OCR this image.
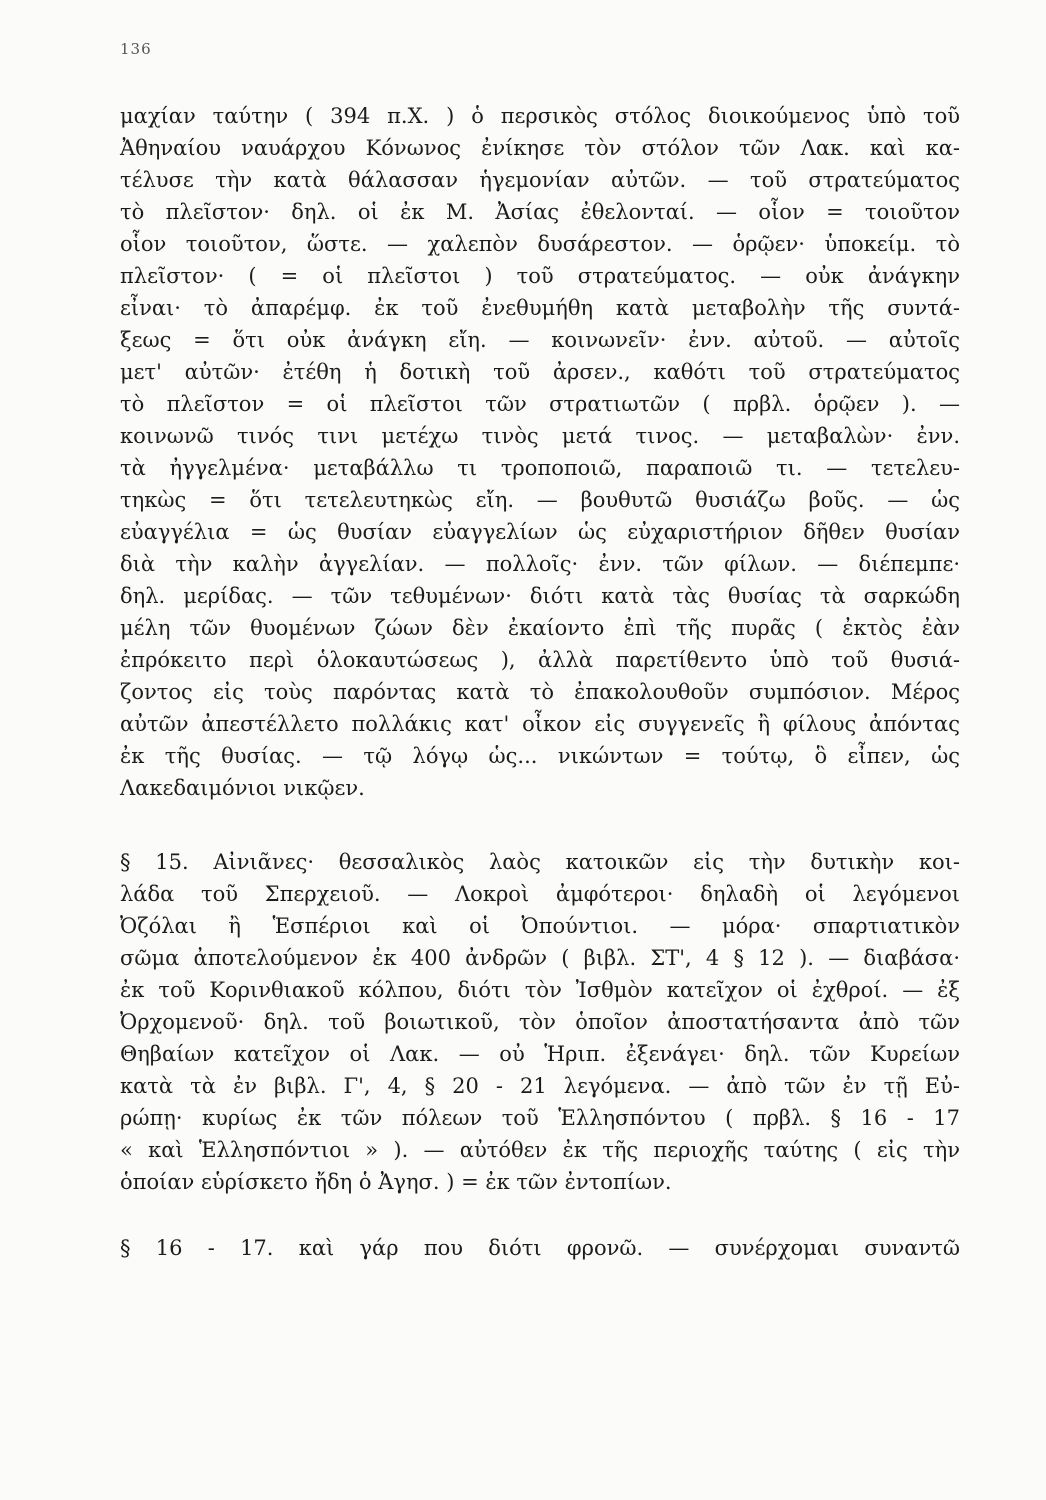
136
μαχίαν ταύτην ( 394 π.Χ. ) ὁ περσικὸς στόλος διοικούμενος ὑπὸ τοῦ
Ἀθηναίου ναυάρχου Κόνωνος ἐνίκησε τὸν στόλον τῶν Λακ. καὶ κα-
τέλυσε τὴν κατὰ θάλασσαν ἡγεμονίαν αὐτῶν. — τοῦ στρατεύματος
τὸ πλεῖστον· δηλ. οἱ ἐκ Μ. Ἀσίας ἐθελονταί. — οἷον = τοιοῦτον
οἷον τοιοῦτον, ὥστε. — χαλεπὸν δυσάρεστον. — ὁρῷεν· ὑποκείμ. τὸ
πλεῖστον· ( = οἱ πλεῖστοι ) τοῦ στρατεύματος. — οὐκ ἀνάγκην
εἶναι· τὸ ἀπαρέμφ. ἐκ τοῦ ἐνεθυμήθη κατὰ μεταβολὴν τῆς συντά-
ξεως = ὅτι οὐκ ἀνάγκη εἴη. — κοινωνεῖν· ἐνν. αὐτοῦ. — αὐτοῖς
μετ' αὐτῶν· ἐτέθη ἡ δοτικὴ τοῦ ἀρσεν., καθότι τοῦ στρατεύματος
τὸ πλεῖστον = οἱ πλεῖστοι τῶν στρατιωτῶν ( πρβλ. ὁρῷεν ). —
κοινωνῶ τινός τινι μετέχω τινὸς μετά τινος. — μεταβαλὼν· ἐνν.
τὰ ἠγγελμένα· μεταβάλλω τι τροποποιῶ, παραποιῶ τι. — τετελευ-
τηκὼς = ὅτι τετελευτηκὼς εἴη. — βουθυτῶ θυσιάζω βοῦς. — ὡς
εὐαγγέλια = ὡς θυσίαν εὐαγγελίων ὡς εὐχαριστήριον δῆθεν θυσίαν
διὰ τὴν καλὴν ἀγγελίαν. — πολλοῖς· ἐνν. τῶν φίλων. — διέπεμπε·
δηλ. μερίδας. — τῶν τεθυμένων· διότι κατὰ τὰς θυσίας τὰ σαρκώδη
μέλη τῶν θυομένων ζώων δὲν ἐκαίοντο ἐπὶ τῆς πυρᾶς ( ἐκτὸς ἐὰν
ἐπρόκειτο περὶ ὁλοκαυτώσεως ), ἀλλὰ παρετίθεντο ὑπὸ τοῦ θυσιά-
ζοντος εἰς τοὺς παρόντας κατὰ τὸ ἐπακολουθοῦν συμπόσιον. Μέρος
αὐτῶν ἀπεστέλλετο πολλάκις κατ' οἶκον εἰς συγγενεῖς ἢ φίλους ἀπόντας
ἐκ τῆς θυσίας. — τῷ λόγῳ ὡς... νικώντων = τούτῳ, ὃ εἶπεν, ὡς
Λακεδαιμόνιοι νικῷεν.
§ 15. Αἰνιᾶνες· θεσσαλικὸς λαὸς κατοικῶν εἰς τὴν δυτικὴν κοι-
λάδα τοῦ Σπερχειοῦ. — Λοκροὶ ἀμφότεροι· δηλαδὴ οἱ λεγόμενοι
Ὀζόλαι ἢ Ἑσπέριοι καὶ οἱ Ὀπούντιοι. — μόρα· σπαρτιατικὸν
σῶμα ἀποτελούμενον ἐκ 400 ἀνδρῶν ( βιβλ. ΣΤ', 4 § 12 ). — διαβάσα·
ἐκ τοῦ Κορινθιακοῦ κόλπου, διότι τὸν Ἰσθμὸν κατεῖχον οἱ ἐχθροί. — ἐξ
Ὀρχομενοῦ· δηλ. τοῦ βοιωτικοῦ, τὸν ὁποῖον ἀποστατήσαντα ἀπὸ τῶν
Θηβαίων κατεῖχον οἱ Λακ. — οὐ Ἡριπ. ἐξενάγει· δηλ. τῶν Κυρείων
κατὰ τὰ ἐν βιβλ. Γ', 4, § 20 - 21 λεγόμενα. — ἀπὸ τῶν ἐν τῇ Εὐ-
ρώπῃ· κυρίως ἐκ τῶν πόλεων τοῦ Ἑλλησπόντου ( πρβλ. § 16 - 17
« καὶ Ἑλλησπόντιοι » ). — αὐτόθεν ἐκ τῆς περιοχῆς ταύτης ( εἰς τὴν
ὁποίαν εὑρίσκετο ἤδη ὁ Ἀγησ. ) = ἐκ τῶν ἐντοπίων.
§ 16 - 17. καὶ γάρ που διότι φρονῶ. — συνέρχομαι συναντῶ
